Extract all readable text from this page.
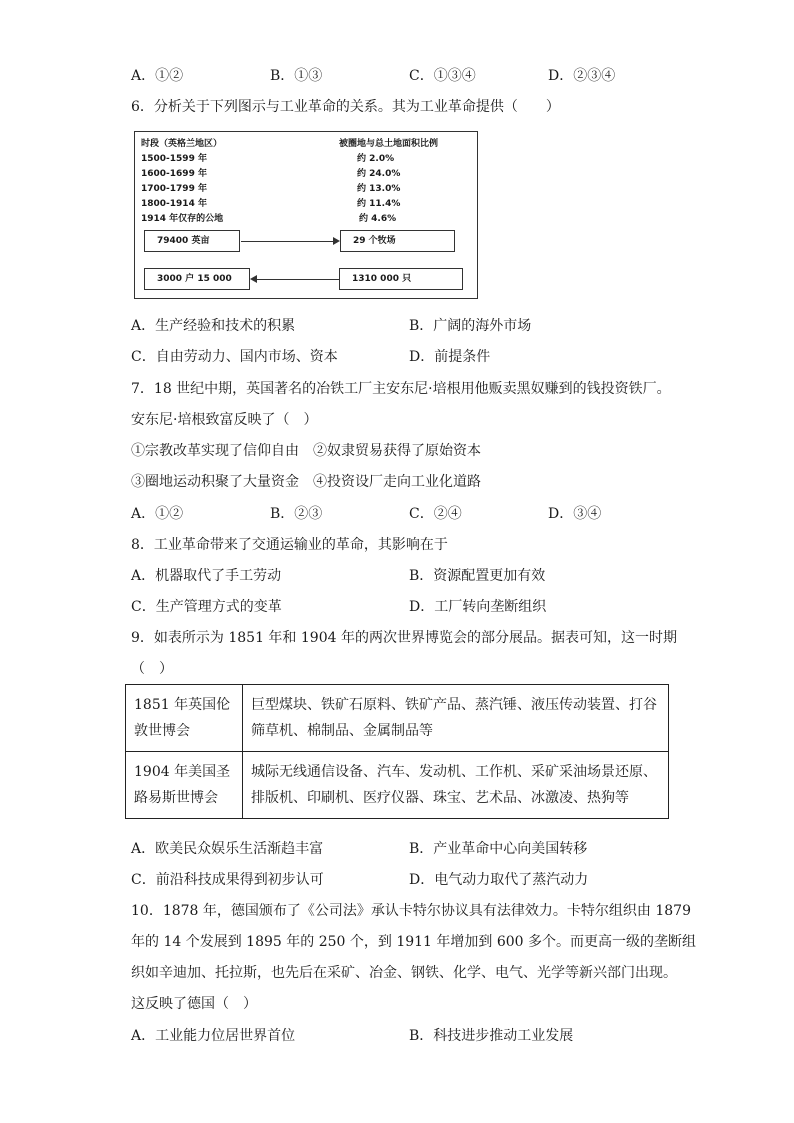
A．①②	B．①③	C．①③④	D．②③④
6．分析关于下列图示与工业革命的关系。其为工业革命提供（　　）
时段（英格兰地区）	被圈地与总土地面积比例
1500-1599 年	约 2.0%
1600-1699 年	约 24.0%
1700-1799 年	约 13.0%
1800-1914 年	约 11.4%
1914 年仅存的公地	约 4.6%
79400 英亩	29 个牧场
3000 户 15 000	1310 000 只
A．生产经验和技术的积累	B．广阔的海外市场
C．自由劳动力、国内市场、资本	D．前提条件
7．18 世纪中期，英国著名的冶铁工厂主安东尼·培根用他贩卖黑奴赚到的钱投资铁厂。
安东尼·培根致富反映了（　）
①宗教改革实现了信仰自由　②奴隶贸易获得了原始资本
③圈地运动积聚了大量资金　④投资设厂走向工业化道路
A．①②	B．②③	C．②④	D．③④
8．工业革命带来了交通运输业的革命，其影响在于
A．机器取代了手工劳动	B．资源配置更加有效
C．生产管理方式的变革	D．工厂转向垄断组织
9．如表所示为 1851 年和 1904 年的两次世界博览会的部分展品。据表可知，这一时期
（　）
1851 年英国伦敦世博会	巨型煤块、铁矿石原料、铁矿产品、蒸汽锤、液压传动装置、打谷筛草机、棉制品、金属制品等
1904 年美国圣路易斯世博会	城际无线通信设备、汽车、发动机、工作机、采矿采油场景还原、排版机、印刷机、医疗仪器、珠宝、艺术品、冰激凌、热狗等
A．欧美民众娱乐生活渐趋丰富	B．产业革命中心向美国转移
C．前沿科技成果得到初步认可	D．电气动力取代了蒸汽动力
10．1878 年，德国颁布了《公司法》承认卡特尔协议具有法律效力。卡特尔组织由 1879
年的 14 个发展到 1895 年的 250 个，到 1911 年增加到 600 多个。而更高一级的垄断组
织如辛迪加、托拉斯，也先后在采矿、冶金、钢铁、化学、电气、光学等新兴部门出现。
这反映了德国（　）
A．工业能力位居世界首位	B．科技进步推动工业发展
